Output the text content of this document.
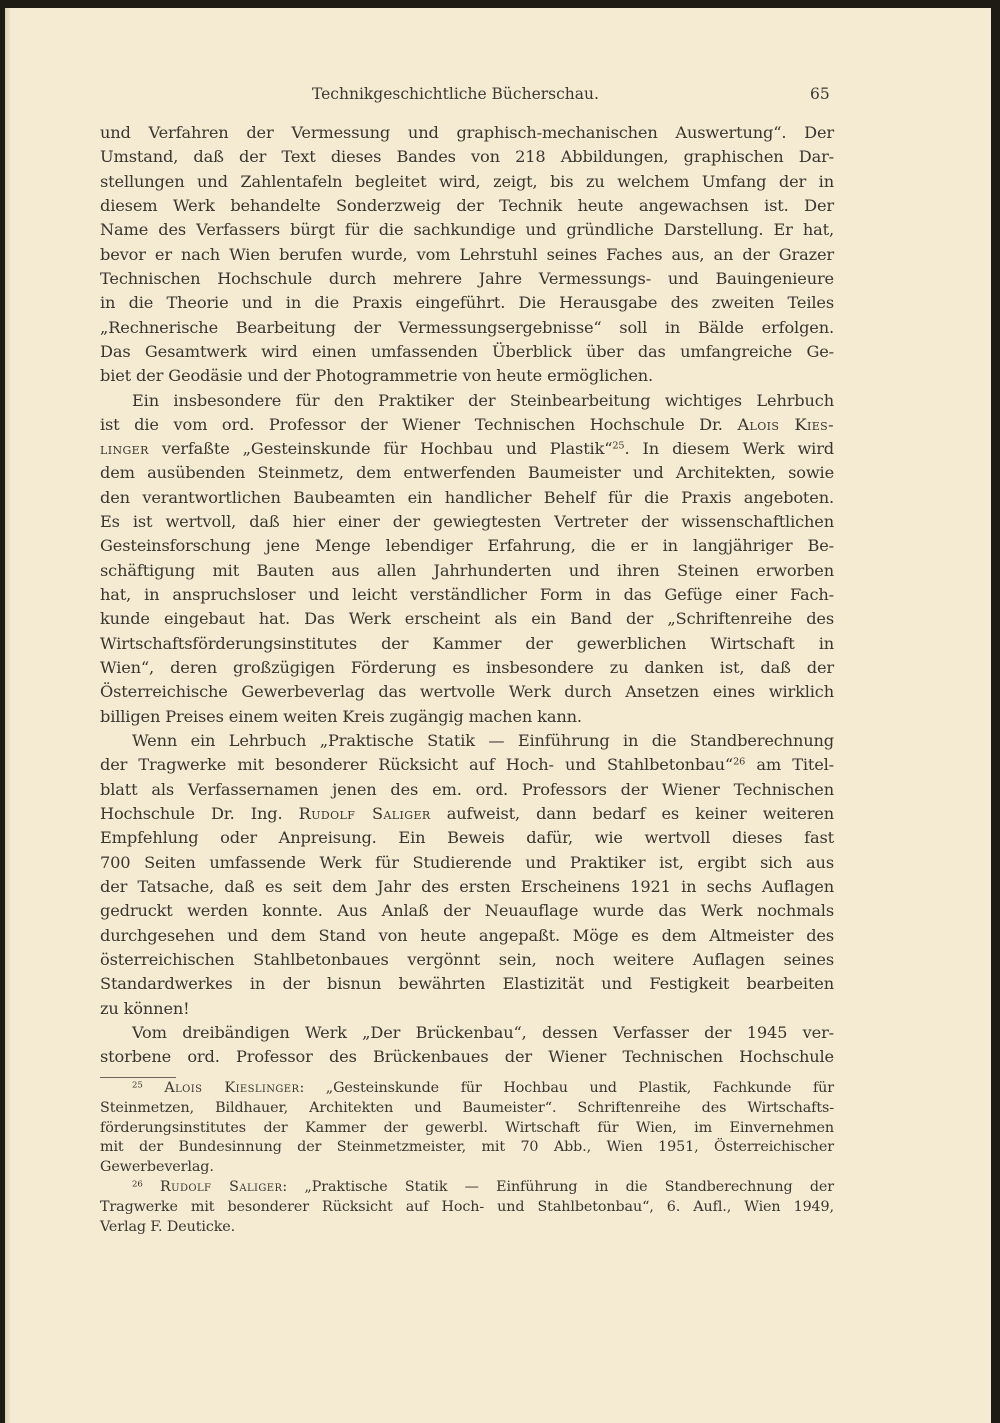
Technikgeschichtliche Bücherschau.	65
und Verfahren der Vermessung und graphisch-mechanischen Auswertung“. Der
Umstand, daß der Text dieses Bandes von 218 Abbildungen, graphischen Dar-
stellungen und Zahlentafeln begleitet wird, zeigt, bis zu welchem Umfang der in
diesem Werk behandelte Sonderzweig der Technik heute angewachsen ist. Der
Name des Verfassers bürgt für die sachkundige und gründliche Darstellung. Er hat,
bevor er nach Wien berufen wurde, vom Lehrstuhl seines Faches aus, an der Grazer
Technischen Hochschule durch mehrere Jahre Vermessungs- und Bauingenieure
in die Theorie und in die Praxis eingeführt. Die Herausgabe des zweiten Teiles
„Rechnerische Bearbeitung der Vermessungsergebnisse“ soll in Bälde erfolgen.
Das Gesamtwerk wird einen umfassenden Überblick über das umfangreiche Ge-
biet der Geodäsie und der Photogrammetrie von heute ermöglichen.
Ein insbesondere für den Praktiker der Steinbearbeitung wichtiges Lehrbuch
ist die vom ord. Professor der Wiener Technischen Hochschule Dr. Alois Kies-
linger verfaßte „Gesteinskunde für Hochbau und Plastik“$^{25}$. In diesem Werk wird
dem ausübenden Steinmetz, dem entwerfenden Baumeister und Architekten, sowie
den verantwortlichen Baubeamten ein handlicher Behelf für die Praxis angeboten.
Es ist wertvoll, daß hier einer der gewiegtesten Vertreter der wissenschaftlichen
Gesteinsforschung jene Menge lebendiger Erfahrung, die er in langjähriger Be-
schäftigung mit Bauten aus allen Jahrhunderten und ihren Steinen erworben
hat, in anspruchsloser und leicht verständlicher Form in das Gefüge einer Fach-
kunde eingebaut hat. Das Werk erscheint als ein Band der „Schriftenreihe des
Wirtschaftsförderungsinstitutes der Kammer der gewerblichen Wirtschaft in
Wien“, deren großzügigen Förderung es insbesondere zu danken ist, daß der
Österreichische Gewerbeverlag das wertvolle Werk durch Ansetzen eines wirklich
billigen Preises einem weiten Kreis zugängig machen kann.
Wenn ein Lehrbuch „Praktische Statik — Einführung in die Standberechnung
der Tragwerke mit besonderer Rücksicht auf Hoch- und Stahlbetonbau“$^{26}$ am Titel-
blatt als Verfassernamen jenen des em. ord. Professors der Wiener Technischen
Hochschule Dr. Ing. Rudolf Saliger aufweist, dann bedarf es keiner weiteren
Empfehlung oder Anpreisung. Ein Beweis dafür, wie wertvoll dieses fast
700 Seiten umfassende Werk für Studierende und Praktiker ist, ergibt sich aus
der Tatsache, daß es seit dem Jahr des ersten Erscheinens 1921 in sechs Auflagen
gedruckt werden konnte. Aus Anlaß der Neuauflage wurde das Werk nochmals
durchgesehen und dem Stand von heute angepaßt. Möge es dem Altmeister des
österreichischen Stahlbetonbaues vergönnt sein, noch weitere Auflagen seines
Standardwerkes in der bisnun bewährten Elastizität und Festigkeit bearbeiten
zu können!
Vom dreibändigen Werk „Der Brückenbau“, dessen Verfasser der 1945 ver-
storbene ord. Professor des Brückenbaues der Wiener Technischen Hochschule
$^{25}$ Alois Kieslinger: „Gesteinskunde für Hochbau und Plastik, Fachkunde für
Steinmetzen, Bildhauer, Architekten und Baumeister“. Schriftenreihe des Wirtschafts-
förderungsinstitutes der Kammer der gewerbl. Wirtschaft für Wien, im Einvernehmen
mit der Bundesinnung der Steinmetzmeister, mit 70 Abb., Wien 1951, Österreichischer
Gewerbeverlag.
$^{26}$ Rudolf Saliger: „Praktische Statik — Einführung in die Standberechnung der
Tragwerke mit besonderer Rücksicht auf Hoch- und Stahlbetonbau“, 6. Aufl., Wien 1949,
Verlag F. Deuticke.
